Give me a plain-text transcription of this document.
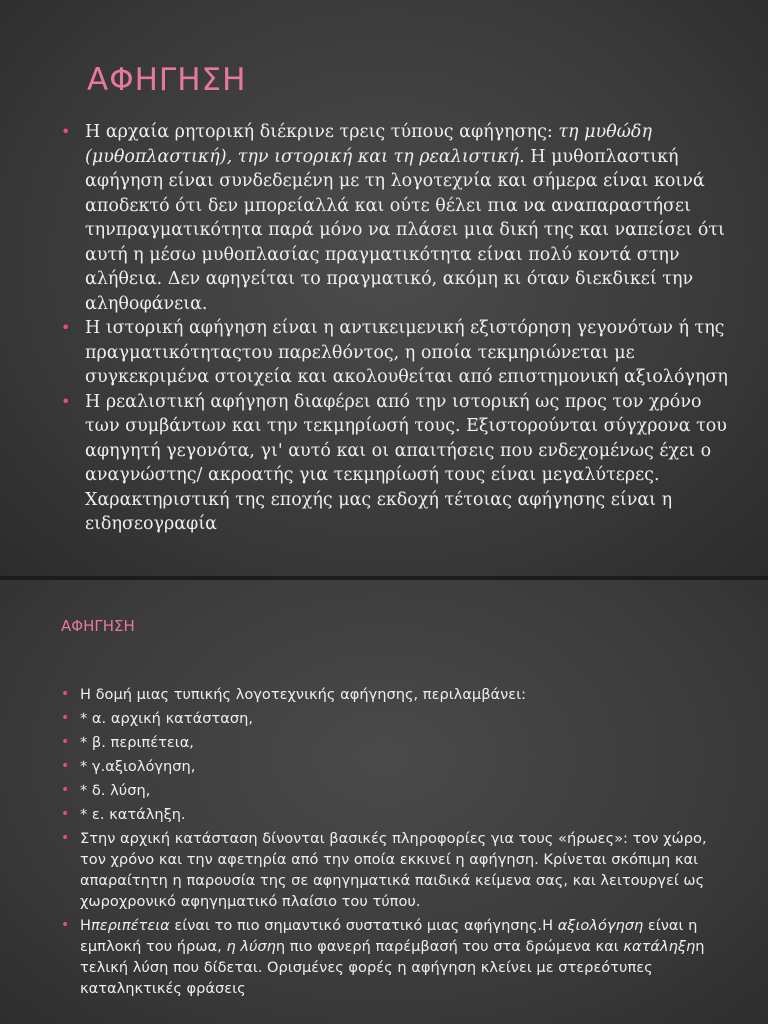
ΑΦΗΓΗΣΗ
• Η αρχαία ρητορική διέκρινε τρεις τύπους αφήγησης: τη μυθώδη (μυθοπλαστική), την ιστορική και τη ρεαλιστική. Η μυθοπλαστική αφήγηση είναι συνδεδεμένη με τη λογοτεχνία και σήμερα είναι κοινά αποδεκτό ότι δεν μπορείαλλά και ούτε θέλει πια να αναπαραστήσει τηνπραγματικότητα παρά μόνο να πλάσει μια δική της και ναπείσει ότι αυτή η μέσω μυθοπλασίας πραγματικότητα είναι πολύ κοντά στην αλήθεια. Δεν αφηγείται το πραγματικό, ακόμη κι όταν διεκδικεί την αληθοφάνεια.
• Η ιστορική αφήγηση είναι η αντικειμενική εξιστόρηση γεγονότων ή της πραγματικότηταςτου παρελθόντος, η οποία τεκμηριώνεται με συγκεκριμένα στοιχεία και ακολουθείται από επιστημονική αξιολόγηση
• Η ρεαλιστική αφήγηση διαφέρει από την ιστορική ως προς τον χρόνο των συμβάντων και την τεκμηρίωσή τους. Εξιστορούνται σύγχρονα του αφηγητή γεγονότα, γι' αυτό και οι απαιτήσεις που ενδεχομένως έχει ο αναγνώστης/ ακροατής για τεκμηρίωσή τους είναι μεγαλύτερες. Χαρακτηριστική της εποχής μας εκδοχή τέτοιας αφήγησης είναι η ειδησεογραφία
ΑΦΗΓΗΣΗ
• Η δομή μιας τυπικής λογοτεχνικής αφήγησης, περιλαμβάνει:
• * α. αρχική κατάσταση,
• * β. περιπέτεια,
• * γ.αξιολόγηση,
• * δ. λύση,
• * ε. κατάληξη.
• Στην αρχική κατάσταση δίνονται βασικές πληροφορίες για τους «ήρωες»: τον χώρο, τον χρόνο και την αφετηρία από την οποία εκκινεί η αφήγηση. Κρίνεται σκόπιμη και απαραίτητη η παρουσία της σε αφηγηματικά παιδικά κείμενα σας, και λειτουργεί ως χωροχρονικό αφηγηματικό πλαίσιο του τύπου.
• Ηπεριπέτεια είναι το πιο σημαντικό συστατικό μιας αφήγησης.Η αξιολόγηση είναι η εμπλοκή του ήρωα, η λύσηη πιο φανερή παρέμβασή του στα δρώμενα και κατάληξηη τελική λύση που δίδεται. Ορισμένες φορές η αφήγηση κλείνει με στερεότυπες καταληκτικές φράσεις
